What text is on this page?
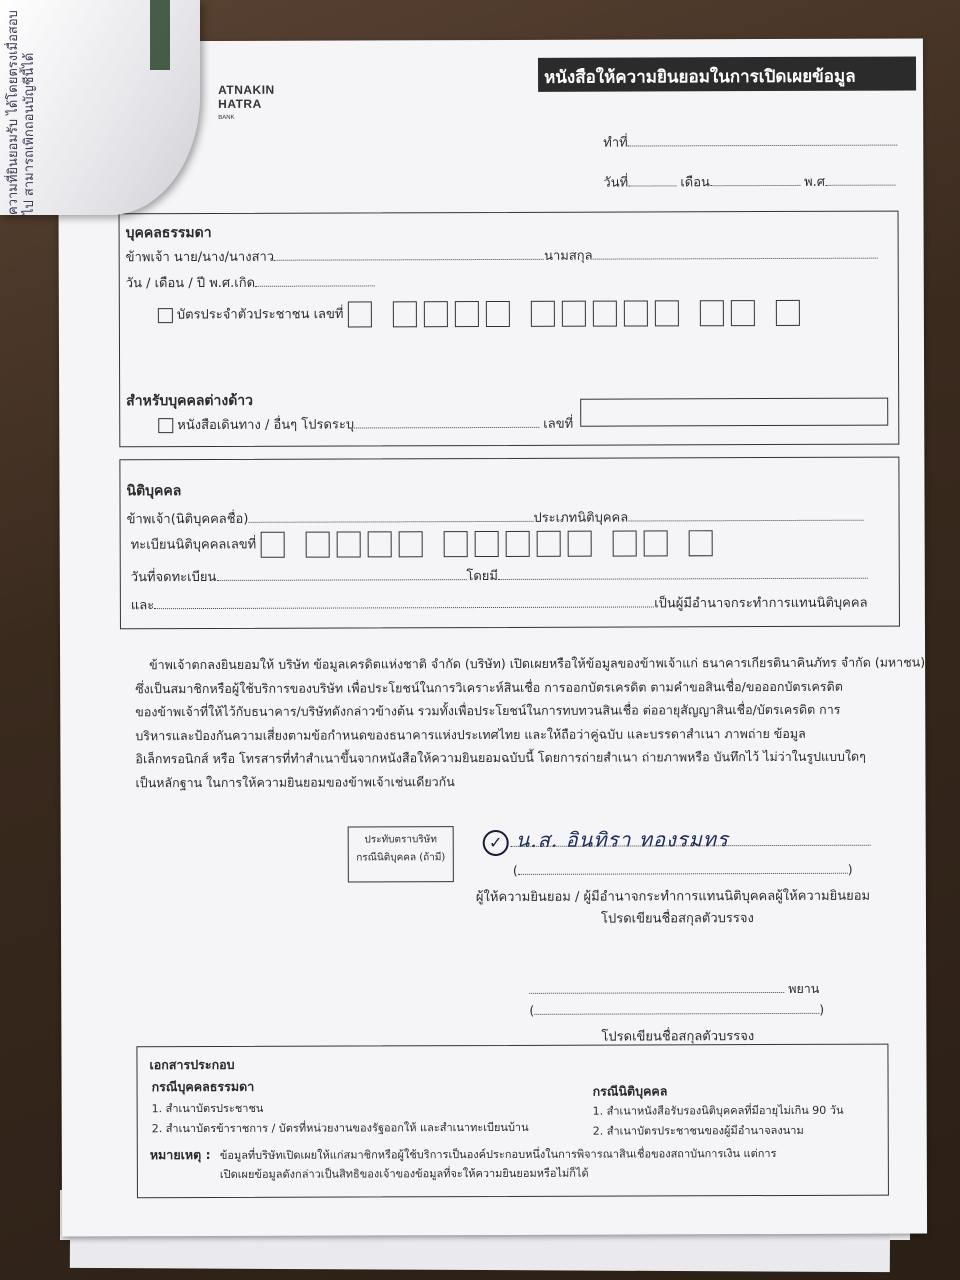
ATNAKIN
HATRA
BANK
หนังสือให้ความยินยอมในการเปิดเผยข้อมูล
ทำที่
วันที่	เดือน	พ.ศ
บุคคลธรรมดา
ข้าพเจ้า นาย/นาง/นางสาว	นามสกุล
วัน / เดือน / ปี พ.ศ.เกิด
บัตรประจำตัวประชาชน เลขที่
สำหรับบุคคลต่างด้าว
หนังสือเดินทาง / อื่นๆ โปรดระบุ	เลขที่
นิติบุคคล
ข้าพเจ้า(นิติบุคคลชื่อ)	ประเภทนิติบุคคล
ทะเบียนนิติบุคคลเลขที่
วันที่จดทะเบียน	โดยมี
และ	เป็นผู้มีอำนาจกระทำการแทนนิติบุคคล
ข้าพเจ้าตกลงยินยอมให้ บริษัท ข้อมูลเครดิตแห่งชาติ จำกัด (บริษัท) เปิดเผยหรือให้ข้อมูลของข้าพเจ้าแก่ ธนาคารเกียรตินาคินภัทร จำกัด (มหาชน)
ซึ่งเป็นสมาชิกหรือผู้ใช้บริการของบริษัท เพื่อประโยชน์ในการวิเคราะห์สินเชื่อ การออกบัตรเครดิต ตามคำขอสินเชื่อ/ขอออกบัตรเครดิต
ของข้าพเจ้าที่ให้ไว้กับธนาคาร/บริษัทดังกล่าวข้างต้น รวมทั้งเพื่อประโยชน์ในการทบทวนสินเชื่อ ต่ออายุสัญญาสินเชื่อ/บัตรเครดิต การ
บริหารและป้องกันความเสี่ยงตามข้อกำหนดของธนาคารแห่งประเทศไทย และให้ถือว่าคู่ฉบับ และบรรดาสำเนา ภาพถ่าย ข้อมูล
อิเล็กทรอนิกส์ หรือ โทรสารที่ทำสำเนาขึ้นจากหนังสือให้ความยินยอมฉบับนี้ โดยการถ่ายสำเนา ถ่ายภาพหรือ บันทึกไว้ ไม่ว่าในรูปแบบใดๆ
เป็นหลักฐาน ในการให้ความยินยอมของข้าพเจ้าเช่นเดียวกัน
ประทับตราบริษัท
กรณีนิติบุคคล (ถ้ามี)
✓ น.ส. อินทิรา ทองรมทร
(	)
ผู้ให้ความยินยอม / ผู้มีอำนาจกระทำการแทนนิติบุคคลผู้ให้ความยินยอม
โปรดเขียนชื่อสกุลตัวบรรจง
พยาน
(	)
โปรดเขียนชื่อสกุลตัวบรรจง
เอกสารประกอบ
กรณีบุคคลธรรมดา
1. สำเนาบัตรประชาชน
2. สำเนาบัตรข้าราชการ / บัตรที่หน่วยงานของรัฐออกให้ และสำเนาทะเบียนบ้าน
กรณีนิติบุคคล
1. สำเนาหนังสือรับรองนิติบุคคลที่มีอายุไม่เกิน 90 วัน
2. สำเนาบัตรประชาชนของผู้มีอำนาจลงนาม
หมายเหตุ : ข้อมูลที่บริษัทเปิดเผยให้แก่สมาชิกหรือผู้ใช้บริการเป็นองค์ประกอบหนึ่งในการพิจารณาสินเชื่อของสถาบันการเงิน แต่การ
เปิดเผยข้อมูลดังกล่าวเป็นสิทธิของเจ้าของข้อมูลที่จะให้ความยินยอมหรือไม่ก็ได้
ความที่ยินยอมรับ ได้โดยตรงเมื่อสอบไป สามารถเพิกถอนบัญชีนี้ได้
